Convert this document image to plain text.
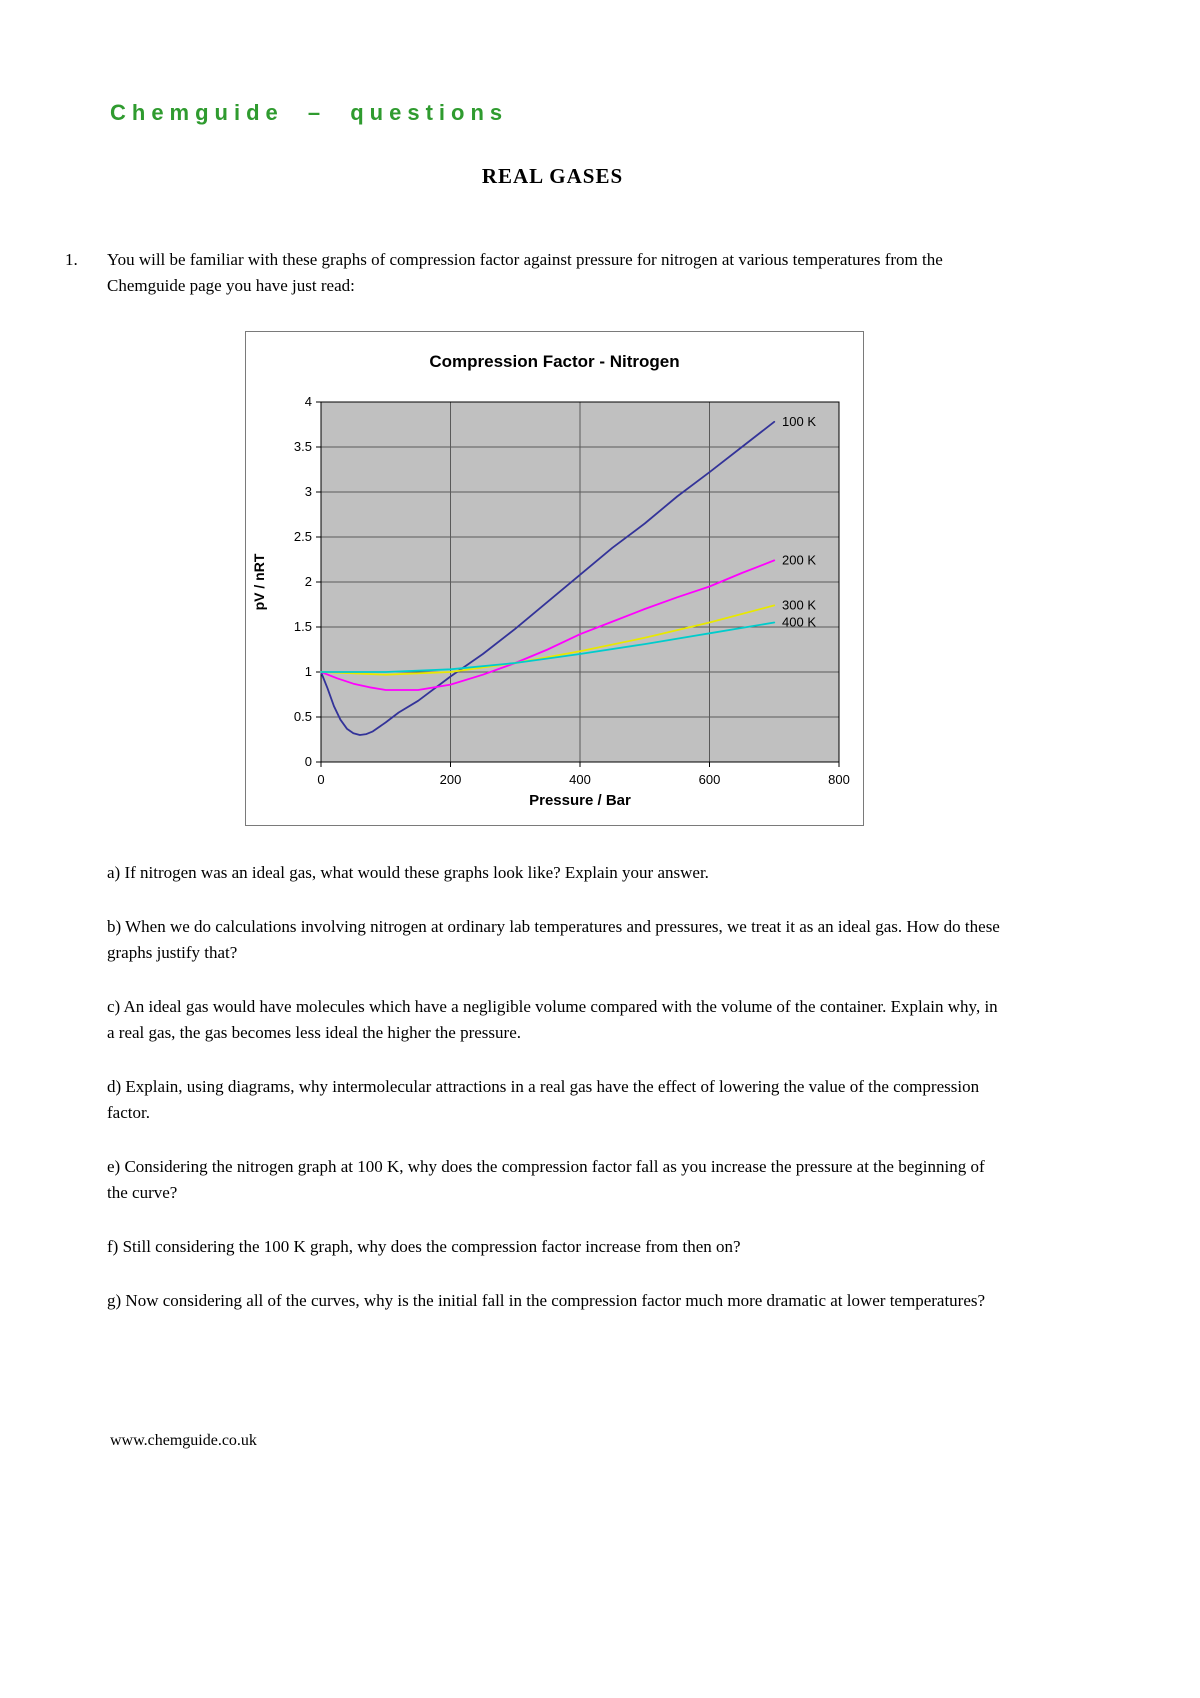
Chemguide – questions
REAL GASES
1.	You will be familiar with these graphs of compression factor against pressure for nitrogen at various temperatures from the Chemguide page you have just read:

Compression Factor - Nitrogen
0
0.5
1
1.5
2
2.5
3
3.5
4
0	200	400	600	800
100 K
200 K
300 K
400 K
pV / nRT
Pressure / Bar

a) If nitrogen was an ideal gas, what would these graphs look like? Explain your answer.

b) When we do calculations involving nitrogen at ordinary lab temperatures and pressures, we treat it as an ideal gas. How do these graphs justify that?

c) An ideal gas would have molecules which have a negligible volume compared with the volume of the container. Explain why, in a real gas, the gas becomes less ideal the higher the pressure.

d) Explain, using diagrams, why intermolecular attractions in a real gas have the effect of lowering the value of the compression factor.

e) Considering the nitrogen graph at 100 K, why does the compression factor fall as you increase the pressure at the beginning of the curve?

f) Still considering the 100 K graph, why does the compression factor increase from then on?

g) Now considering all of the curves, why is the initial fall in the compression factor much more dramatic at lower temperatures?

www.chemguide.co.uk
